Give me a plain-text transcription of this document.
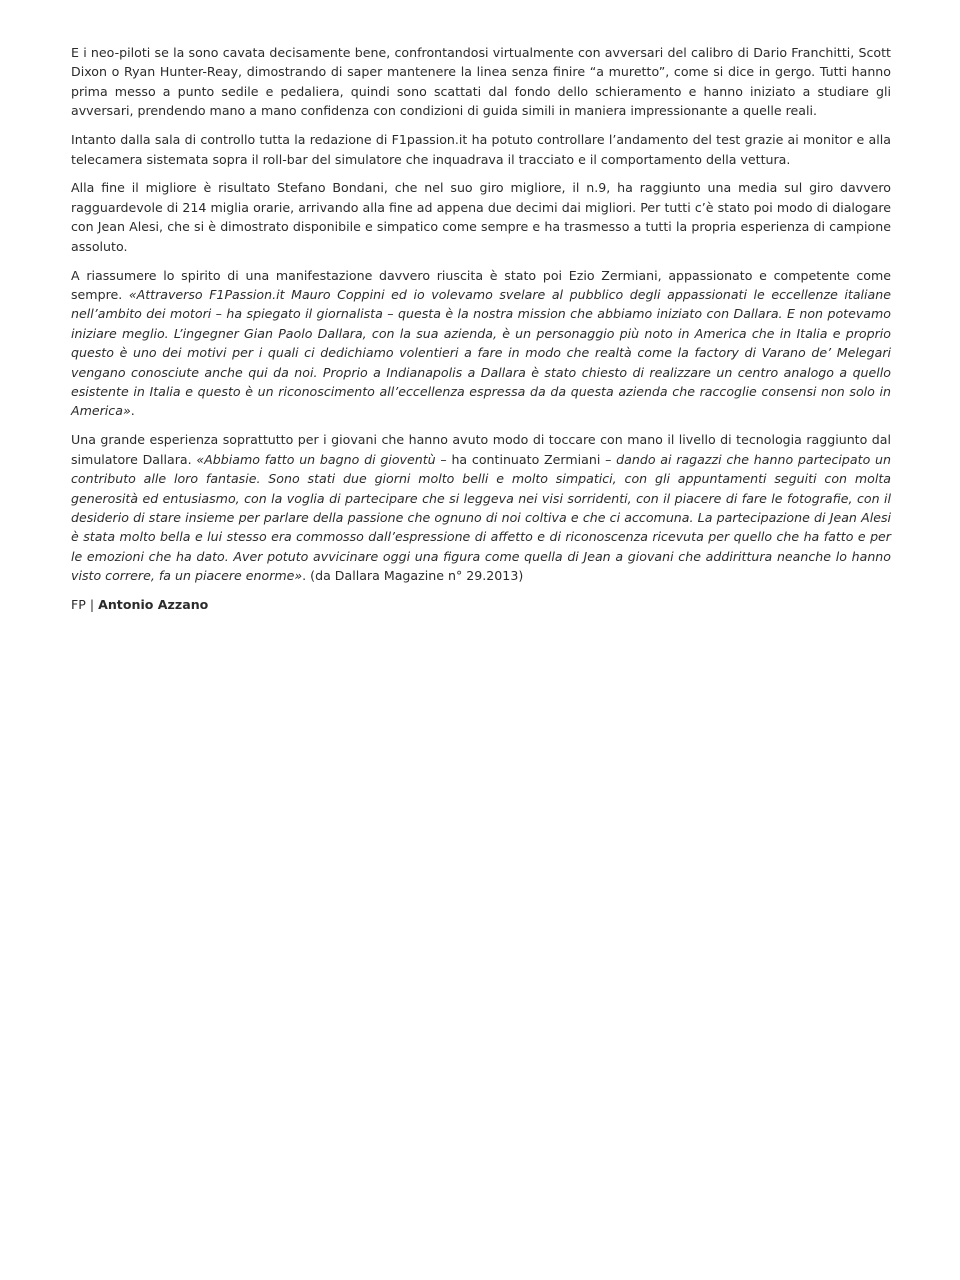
E i neo-piloti se la sono cavata decisamente bene, confrontandosi virtualmente con avversari del calibro di Dario Franchitti, Scott Dixon o Ryan Hunter-Reay, dimostrando di saper mantenere la linea senza finire “a muretto”, come si dice in gergo. Tutti hanno prima messo a punto sedile e pedaliera, quindi sono scattati dal fondo dello schieramento e hanno iniziato a studiare gli avversari, prendendo mano a mano confidenza con condizioni di guida simili in maniera impressionante a quelle reali.

Intanto dalla sala di controllo tutta la redazione di F1passion.it ha potuto controllare l’andamento del test grazie ai monitor e alla telecamera sistemata sopra il roll-bar del simulatore che inquadrava il tracciato e il comportamento della vettura.

Alla fine il migliore è risultato Stefano Bondani, che nel suo giro migliore, il n.9, ha raggiunto una media sul giro davvero ragguardevole di 214 miglia orarie, arrivando alla fine ad appena due decimi dai migliori. Per tutti c’è stato poi modo di dialogare con Jean Alesi, che si è dimostrato disponibile e simpatico come sempre e ha trasmesso a tutti la propria esperienza di campione assoluto.

A riassumere lo spirito di una manifestazione davvero riuscita è stato poi Ezio Zermiani, appassionato e competente come sempre. «Attraverso F1Passion.it Mauro Coppini ed io volevamo svelare al pubblico degli appassionati le eccellenze italiane nell’ambito dei motori – ha spiegato il giornalista – questa è la nostra mission che abbiamo iniziato con Dallara. E non potevamo iniziare meglio. L’ingegner Gian Paolo Dallara, con la sua azienda, è un personaggio più noto in America che in Italia e proprio questo è uno dei motivi per i quali ci dedichiamo volentieri a fare in modo che realtà come la factory di Varano de’ Melegari vengano conosciute anche qui da noi. Proprio a Indianapolis a Dallara è stato chiesto di realizzare un centro analogo a quello esistente in Italia e questo è un riconoscimento all’eccellenza espressa da da questa azienda che raccoglie consensi non solo in America».

Una grande esperienza soprattutto per i giovani che hanno avuto modo di toccare con mano il livello di tecnologia raggiunto dal simulatore Dallara. «Abbiamo fatto un bagno di gioventù – ha continuato Zermiani – dando ai ragazzi che hanno partecipato un contributo alle loro fantasie. Sono stati due giorni molto belli e molto simpatici, con gli appuntamenti seguiti con molta generosità ed entusiasmo, con la voglia di partecipare che si leggeva nei visi sorridenti, con il piacere di fare le fotografie, con il desiderio di stare insieme per parlare della passione che ognuno di noi coltiva e che ci accomuna. La partecipazione di Jean Alesi è stata molto bella e lui stesso era commosso dall’espressione di affetto e di riconoscenza ricevuta per quello che ha fatto e per le emozioni che ha dato. Aver potuto avvicinare oggi una figura come quella di Jean a giovani che addirittura neanche lo hanno visto correre, fa un piacere enorme». (da Dallara Magazine n° 29.2013)

FP | Antonio Azzano
